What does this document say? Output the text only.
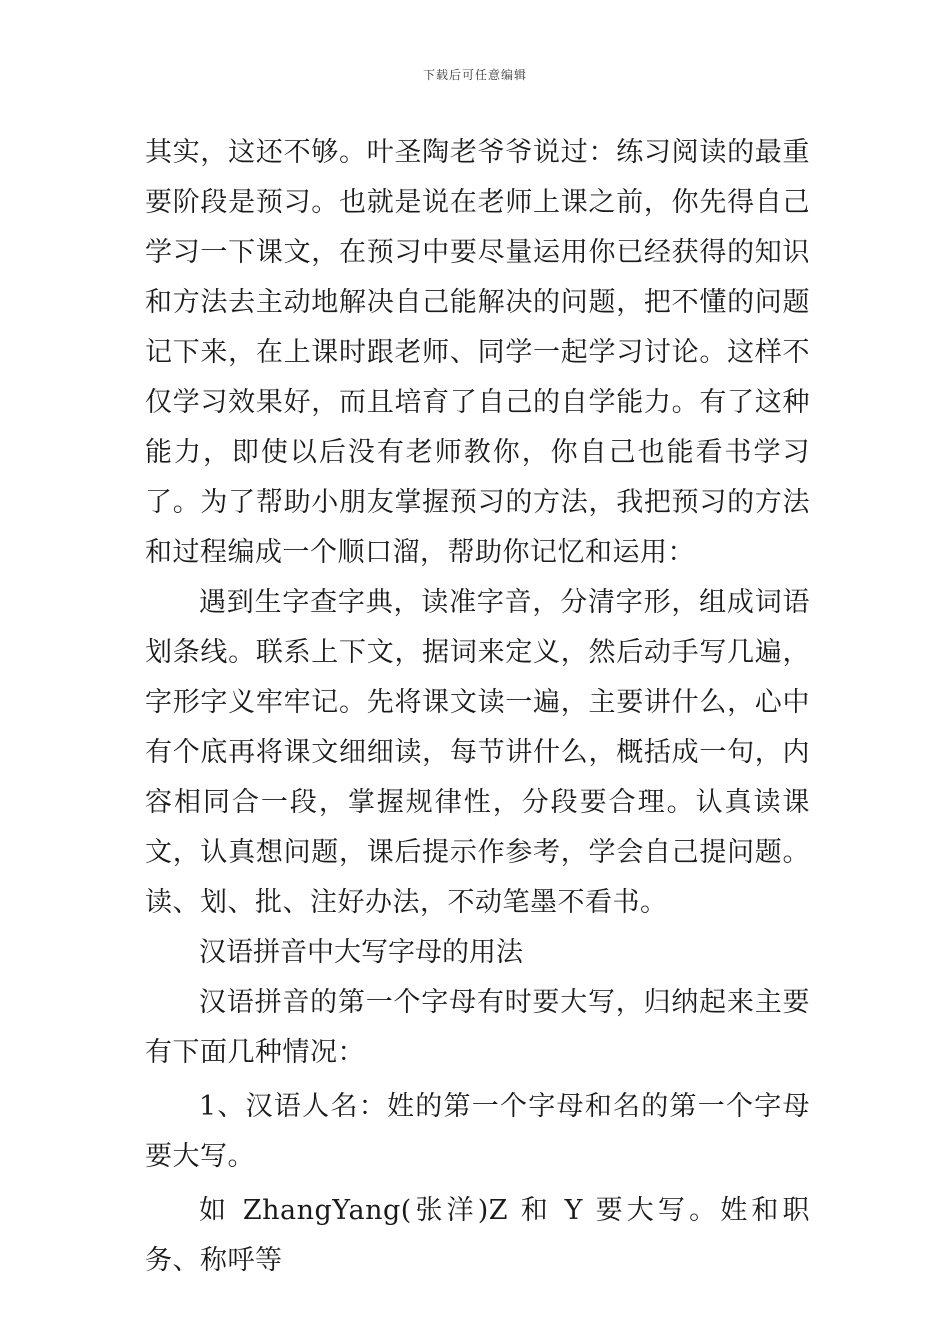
下载后可任意编辑

其实，这还不够。叶圣陶老爷爷说过：练习阅读的最重要阶段是预习。也就是说在老师上课之前，你先得自己学习一下课文，在预习中要尽量运用你已经获得的知识和方法去主动地解决自己能解决的问题，把不懂的问题记下来，在上课时跟老师、同学一起学习讨论。这样不仅学习效果好，而且培育了自己的自学能力。有了这种能力，即使以后没有老师教你，你自己也能看书学习了。为了帮助小朋友掌握预习的方法，我把预习的方法和过程编成一个顺口溜，帮助你记忆和运用：

遇到生字查字典，读准字音，分清字形，组成词语划条线。联系上下文，据词来定义，然后动手写几遍，字形字义牢牢记。先将课文读一遍，主要讲什么，心中有个底再将课文细细读，每节讲什么，概括成一句，内容相同合一段，掌握规律性，分段要合理。认真读课文，认真想问题，课后提示作参考，学会自己提问题。读、划、批、注好办法，不动笔墨不看书。

汉语拼音中大写字母的用法

汉语拼音的第一个字母有时要大写，归纳起来主要有下面几种情况：

1、汉语人名：姓的第一个字母和名的第一个字母要大写。

如 ZhangYang(张洋)Z 和 Y 要大写。姓和职务、称呼等
